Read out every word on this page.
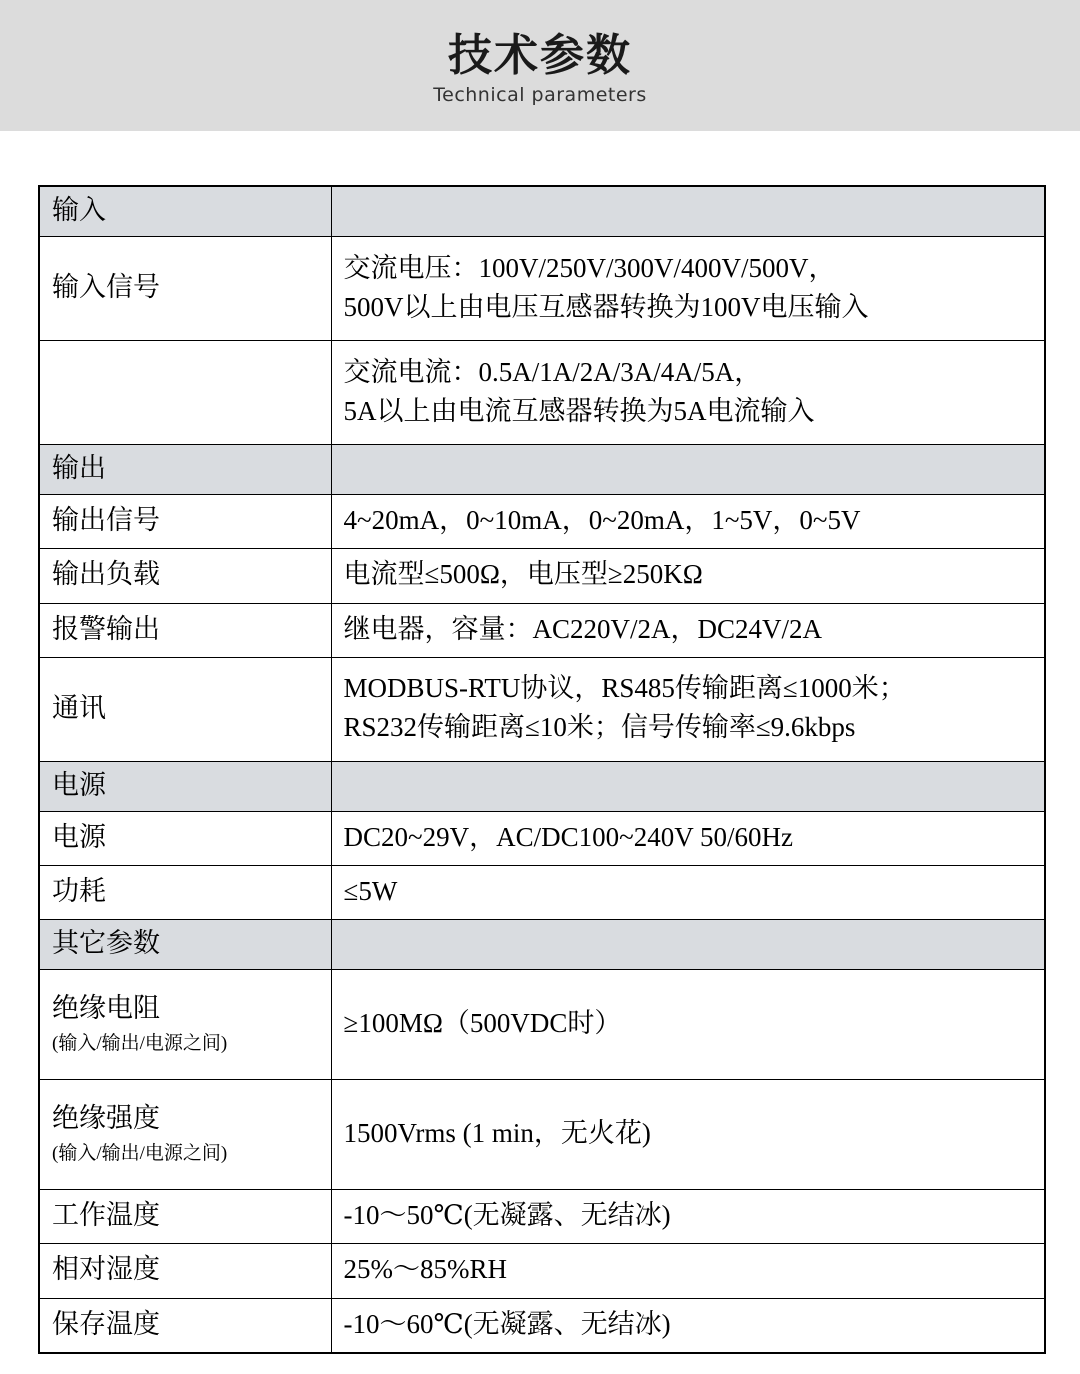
技术参数
Technical parameters
输入	
输入信号	交流电压：100V/250V/300V/400V/500V，
500V以上由电压互感器转换为100V电压输入

	交流电流：0.5A/1A/2A/3A/4A/5A，
5A以上由电流互感器转换为5A电流输入

输出	
输出信号	4~20mA，0~10mA，0~20mA，1~5V，0~5V
输出负载	电流型≤500Ω，电压型≥250KΩ
报警输出	继电器，容量：AC220V/2A，DC24V/2A
通讯	MODBUS-RTU协议，RS485传输距离≤1000米；
RS232传输距离≤10米；信号传输率≤9.6kbps

电源	
电源	DC20~29V，AC/DC100~240V 50/60Hz
功耗	≤5W
其它参数	
绝缘电阻
(输入/输出/电源之间)	≥100MΩ（500VDC时）
绝缘强度
(输入/输出/电源之间)	1500Vrms (1 min，无火花)
工作温度	-10～50℃(无凝露、无结冰)
相对湿度	25%～85%RH
保存温度	-10～60℃(无凝露、无结冰)
